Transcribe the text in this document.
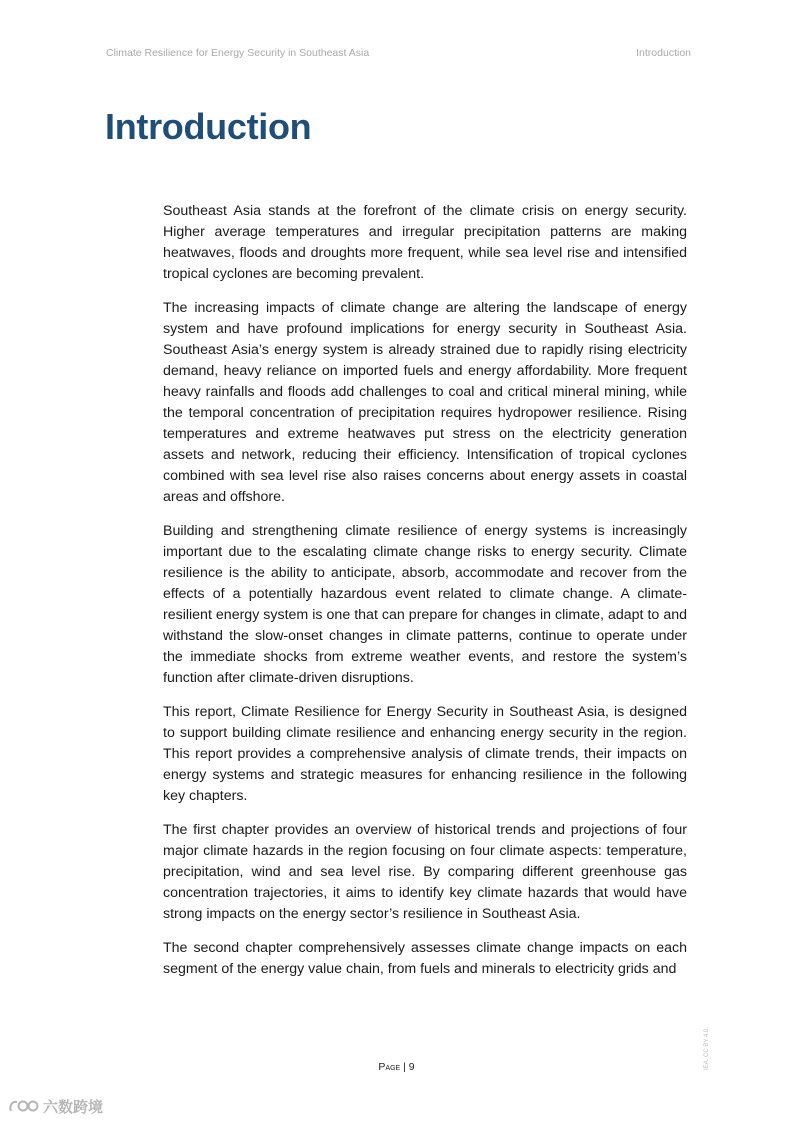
Climate Resilience for Energy Security in Southeast Asia	Introduction
Introduction

Southeast Asia stands at the forefront of the climate crisis on energy security. Higher average temperatures and irregular precipitation patterns are making heatwaves, floods and droughts more frequent, while sea level rise and intensified tropical cyclones are becoming prevalent.

The increasing impacts of climate change are altering the landscape of energy system and have profound implications for energy security in Southeast Asia. Southeast Asia’s energy system is already strained due to rapidly rising electricity demand, heavy reliance on imported fuels and energy affordability. More frequent heavy rainfalls and floods add challenges to coal and critical mineral mining, while the temporal concentration of precipitation requires hydropower resilience. Rising temperatures and extreme heatwaves put stress on the electricity generation assets and network, reducing their efficiency. Intensification of tropical cyclones combined with sea level rise also raises concerns about energy assets in coastal areas and offshore.

Building and strengthening climate resilience of energy systems is increasingly important due to the escalating climate change risks to energy security. Climate resilience is the ability to anticipate, absorb, accommodate and recover from the effects of a potentially hazardous event related to climate change. A climate-resilient energy system is one that can prepare for changes in climate, adapt to and withstand the slow-onset changes in climate patterns, continue to operate under the immediate shocks from extreme weather events, and restore the system’s function after climate-driven disruptions.

This report, Climate Resilience for Energy Security in Southeast Asia, is designed to support building climate resilience and enhancing energy security in the region. This report provides a comprehensive analysis of climate trends, their impacts on energy systems and strategic measures for enhancing resilience in the following key chapters.

The first chapter provides an overview of historical trends and projections of four major climate hazards in the region focusing on four climate aspects: temperature, precipitation, wind and sea level rise. By comparing different greenhouse gas concentration trajectories, it aims to identify key climate hazards that would have strong impacts on the energy sector’s resilience in Southeast Asia.

The second chapter comprehensively assesses climate change impacts on each segment of the energy value chain, from fuels and minerals to electricity grids and

Page | 9	IEA. CC BY 4.0.
六数跨境
